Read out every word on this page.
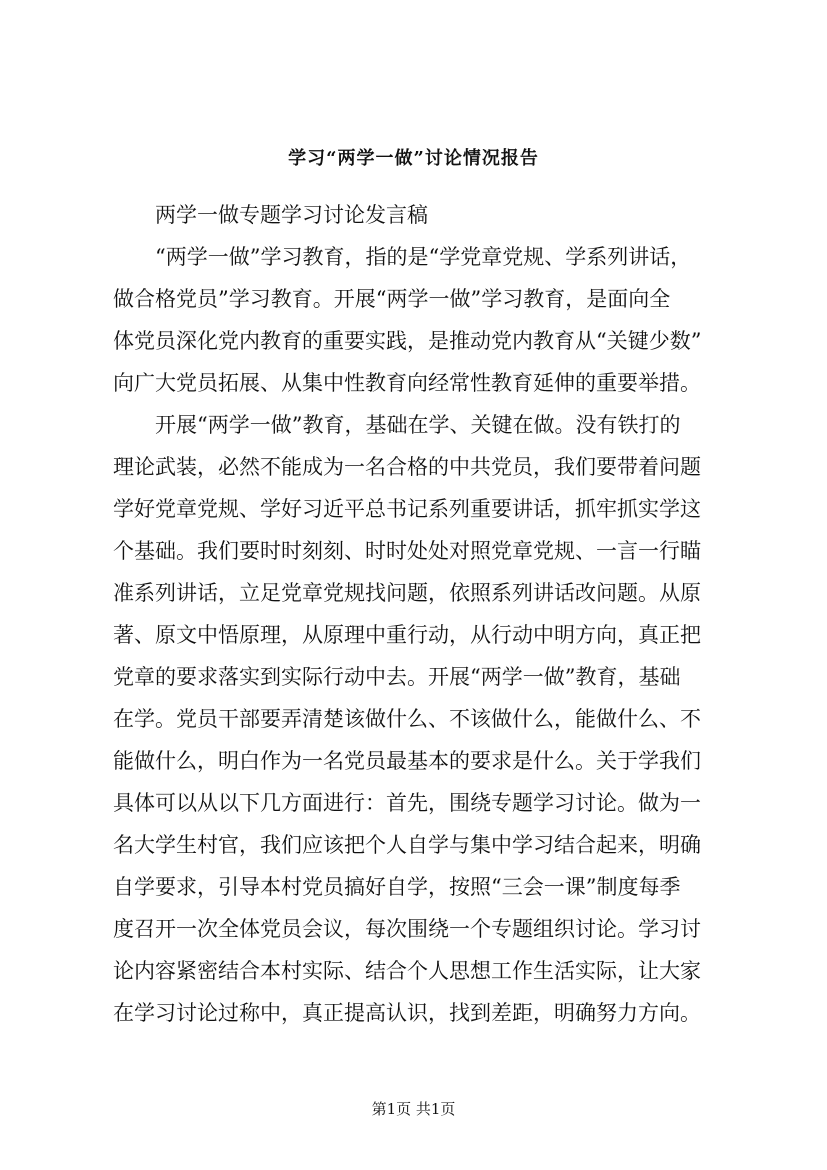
学习“两学一做”讨论情况报告
两学一做专题学习讨论发言稿
“两学一做”学习教育，指的是“学党章党规、学系列讲话，
做合格党员”学习教育。开展“两学一做”学习教育，是面向全
体党员深化党内教育的重要实践，是推动党内教育从“关键少数”
向广大党员拓展、从集中性教育向经常性教育延伸的重要举措。
开展“两学一做”教育，基础在学、关键在做。没有铁打的
理论武装，必然不能成为一名合格的中共党员，我们要带着问题
学好党章党规、学好习近平总书记系列重要讲话，抓牢抓实学这
个基础。我们要时时刻刻、时时处处对照党章党规、一言一行瞄
准系列讲话，立足党章党规找问题，依照系列讲话改问题。从原
著、原文中悟原理，从原理中重行动，从行动中明方向，真正把
党章的要求落实到实际行动中去。开展“两学一做”教育，基础
在学。党员干部要弄清楚该做什么、不该做什么，能做什么、不
能做什么，明白作为一名党员最基本的要求是什么。关于学我们
具体可以从以下几方面进行：首先，围绕专题学习讨论。做为一
名大学生村官，我们应该把个人自学与集中学习结合起来，明确
自学要求，引导本村党员搞好自学，按照“三会一课”制度每季
度召开一次全体党员会议，每次围绕一个专题组织讨论。学习讨
论内容紧密结合本村实际、结合个人思想工作生活实际，让大家
在学习讨论过称中，真正提高认识，找到差距，明确努力方向。
第1页 共1页
